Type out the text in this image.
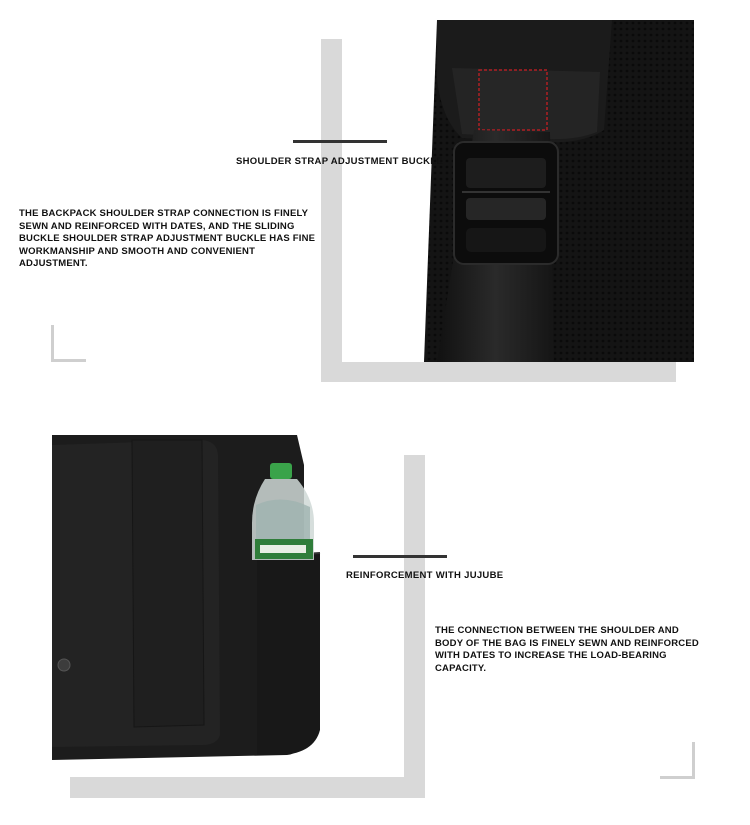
SHOULDER STRAP ADJUSTMENT BUCKLE
THE BACKPACK SHOULDER STRAP CONNECTION IS FINELY SEWN AND REINFORCED WITH DATES, AND THE SLIDING BUCKLE SHOULDER STRAP ADJUSTMENT BUCKLE HAS FINE WORKMANSHIP AND SMOOTH AND CONVENIENT ADJUSTMENT.
REINFORCEMENT WITH JUJUBE
THE CONNECTION BETWEEN THE SHOULDER AND BODY OF THE BAG IS FINELY SEWN AND REINFORCED WITH DATES TO INCREASE THE LOAD-BEARING CAPACITY.
